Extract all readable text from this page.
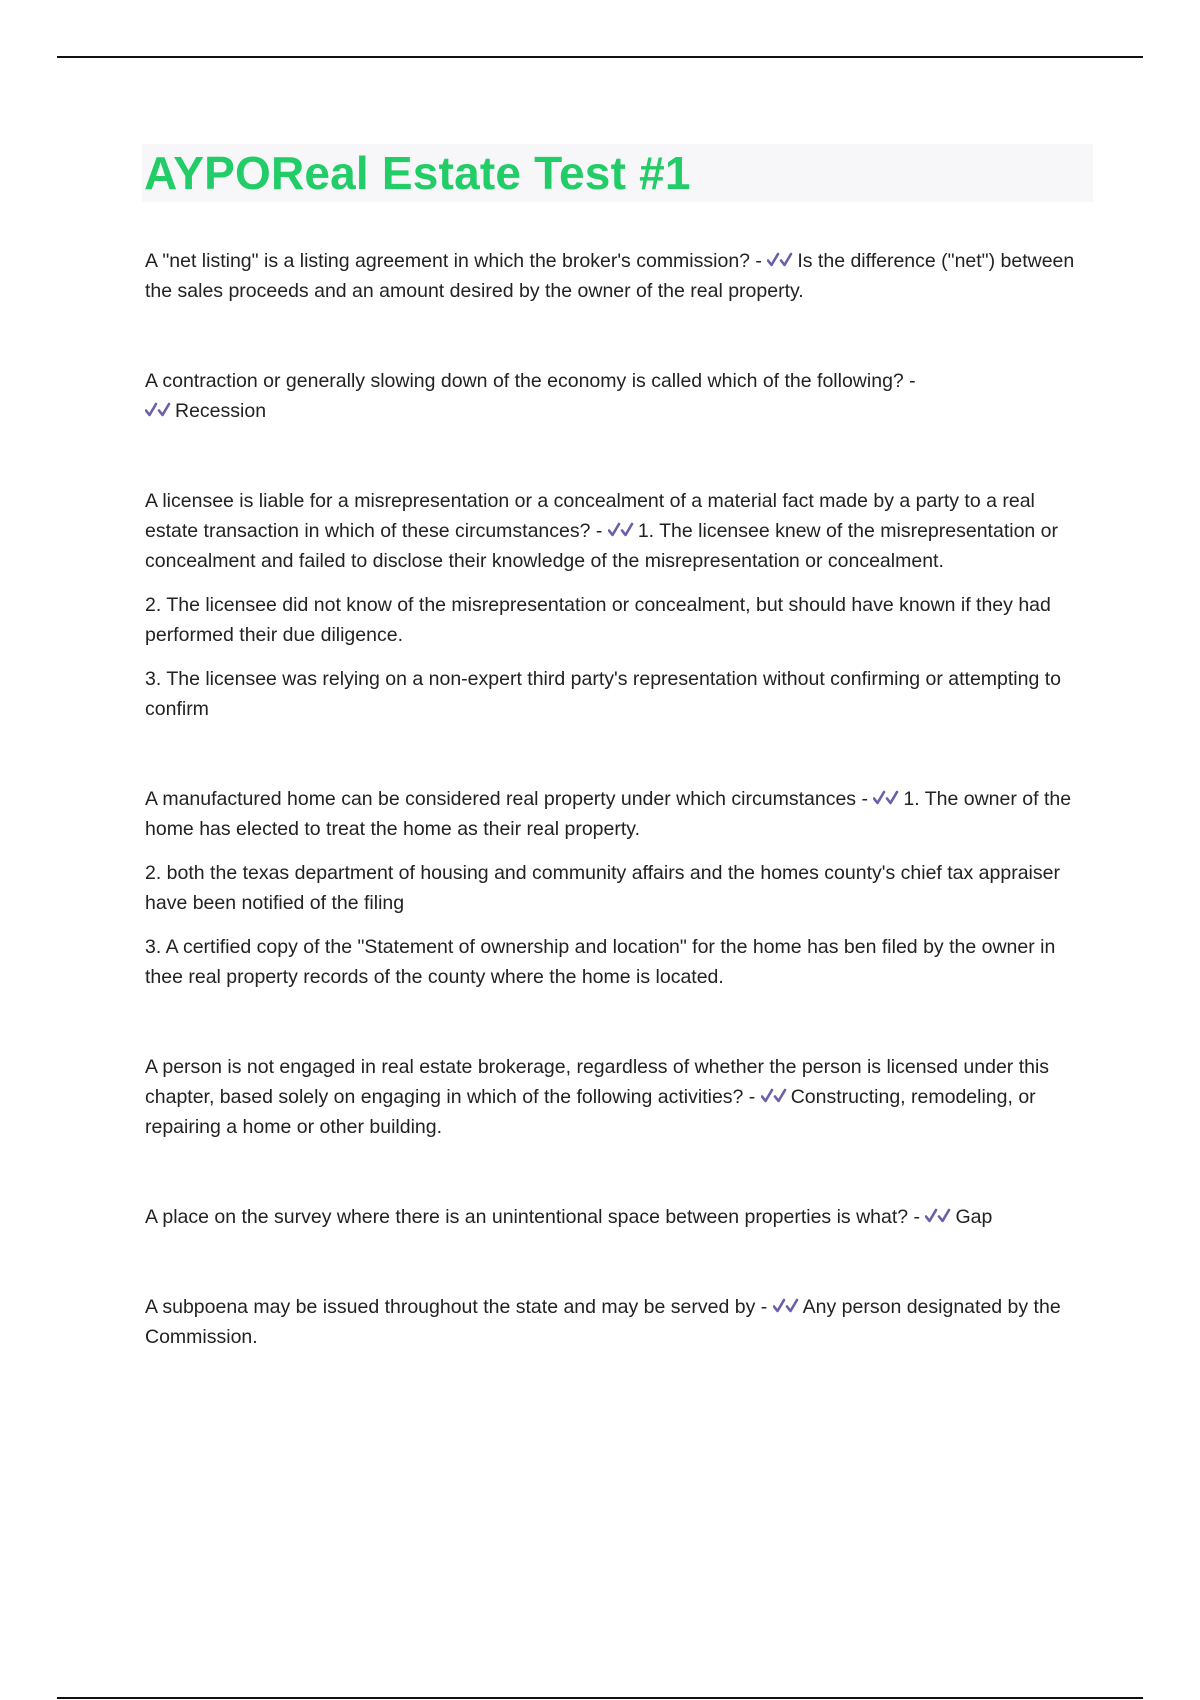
AYPOReal Estate Test #1

A "net listing" is a listing agreement in which the broker's commission? - Is the difference ("net") between the sales proceeds and an amount desired by the owner of the real property.

A contraction or generally slowing down of the economy is called which of the following? -

Recession

A licensee is liable for a misrepresentation or a concealment of a material fact made by a party to a real estate transaction in which of these circumstances? - 1. The licensee knew of the misrepresentation or concealment and failed to disclose their knowledge of the misrepresentation or concealment.

2. The licensee did not know of the misrepresentation or concealment, but should have known if they had performed their due diligence.

3. The licensee was relying on a non-expert third party's representation without confirming or attempting to confirm

A manufactured home can be considered real property under which circumstances - 1. The owner of the home has elected to treat the home as their real property.

2. both the texas department of housing and community affairs and the homes county's chief tax appraiser have been notified of the filing

3. A certified copy of the "Statement of ownership and location" for the home has ben filed by the owner in thee real property records of the county where the home is located.

A person is not engaged in real estate brokerage, regardless of whether the person is licensed under this chapter, based solely on engaging in which of the following activities? - Constructing, remodeling, or repairing a home or other building.

A place on the survey where there is an unintentional space between properties is what? - Gap

A subpoena may be issued throughout the state and may be served by - Any person designated by the Commission.
